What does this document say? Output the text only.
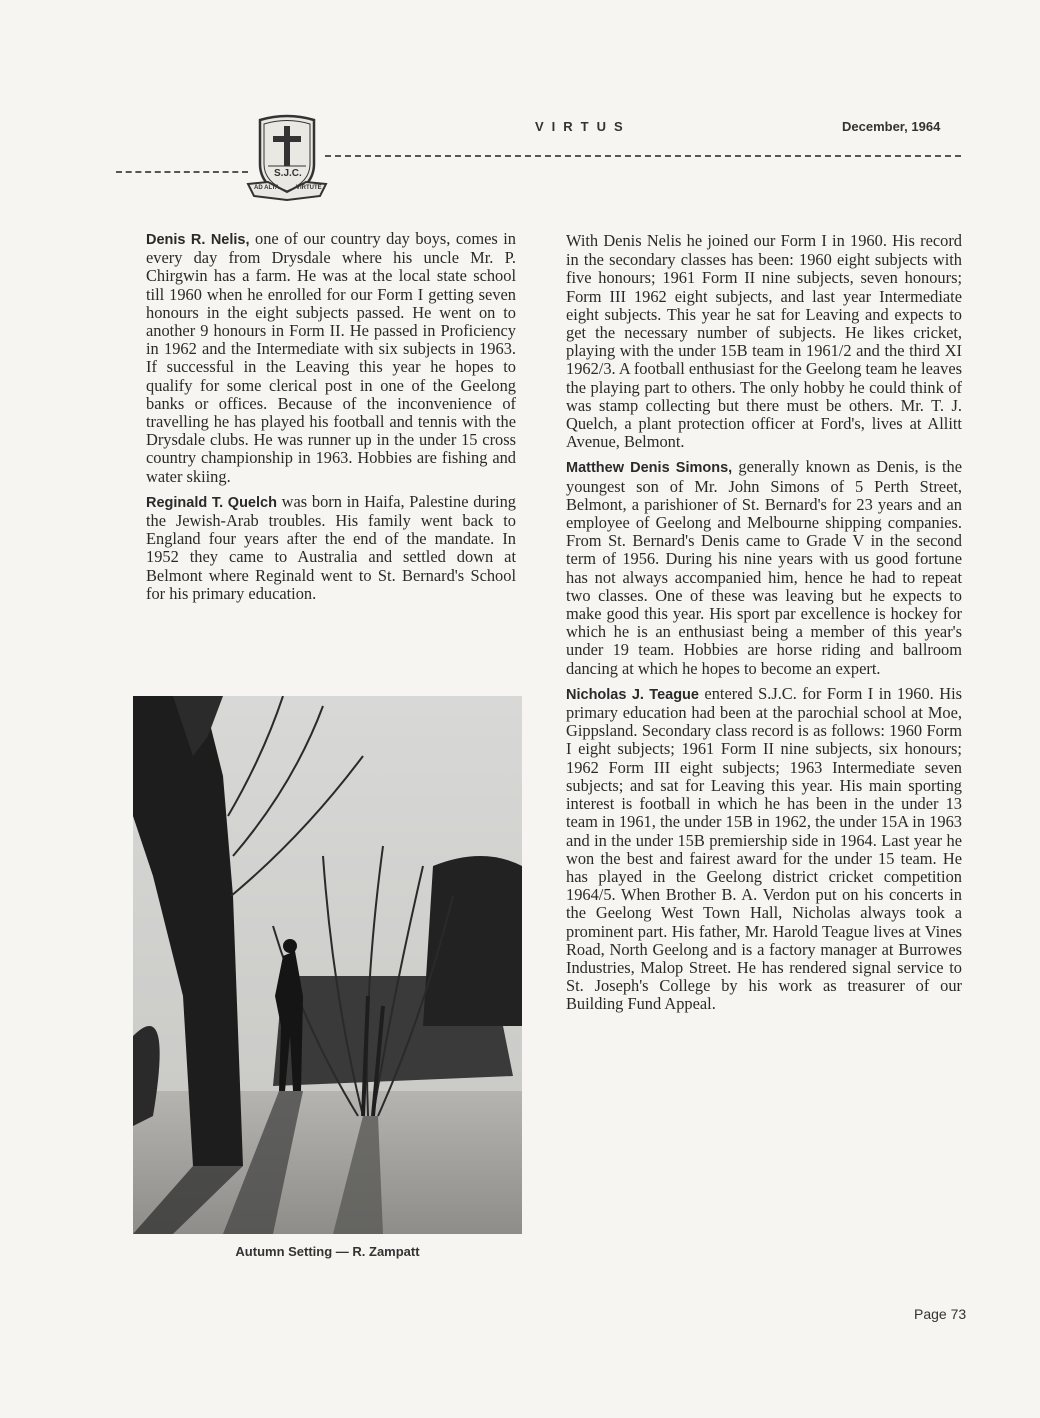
S.J.C.
AD ALTA	VIRTUTE
VIRTUS	December, 1964

Denis R. Nelis, one of our country day boys, comes in every day from Drysdale where his uncle Mr. P. Chirgwin has a farm. He was at the local state school till 1960 when he enrolled for our Form I getting seven honours in the eight subjects passed. He went on to another 9 honours in Form II. He passed in Proficiency in 1962 and the Intermediate with six subjects in 1963. If successful in the Leaving this year he hopes to qualify for some clerical post in one of the Geelong banks or offices. Because of the inconvenience of travelling he has played his football and tennis with the Drysdale clubs. He was runner up in the under 15 cross country championship in 1963. Hobbies are fishing and water skiing.

Reginald T. Quelch was born in Haifa, Palestine during the Jewish-Arab troubles. His family went back to England four years after the end of the mandate. In 1952 they came to Australia and settled down at Belmont where Reginald went to St. Bernard's School for his primary education.

Autumn Setting — R. Zampatt

With Denis Nelis he joined our Form I in 1960. His record in the secondary classes has been: 1960 eight subjects with five honours; 1961 Form II nine subjects, seven honours; Form III 1962 eight subjects, and last year Intermediate eight subjects. This year he sat for Leaving and expects to get the necessary number of subjects. He likes cricket, playing with the under 15B team in 1961/2 and the third XI 1962/3. A football enthusiast for the Geelong team he leaves the playing part to others. The only hobby he could think of was stamp collecting but there must be others. Mr. T. J. Quelch, a plant protection officer at Ford's, lives at Allitt Avenue, Belmont.

Matthew Denis Simons, generally known as Denis, is the youngest son of Mr. John Simons of 5 Perth Street, Belmont, a parishioner of St. Bernard's for 23 years and an employee of Geelong and Melbourne shipping companies. From St. Bernard's Denis came to Grade V in the second term of 1956. During his nine years with us good fortune has not always accompanied him, hence he had to repeat two classes. One of these was leaving but he expects to make good this year. His sport par excellence is hockey for which he is an enthusiast being a member of this year's under 19 team. Hobbies are horse riding and ballroom dancing at which he hopes to become an expert.

Nicholas J. Teague entered S.J.C. for Form I in 1960. His primary education had been at the parochial school at Moe, Gippsland. Secondary class record is as follows: 1960 Form I eight subjects; 1961 Form II nine subjects, six honours; 1962 Form III eight subjects; 1963 Intermediate seven subjects; and sat for Leaving this year. His main sporting interest is football in which he has been in the under 13 team in 1961, the under 15B in 1962, the under 15A in 1963 and in the under 15B premiership side in 1964. Last year he won the best and fairest award for the under 15 team. He has played in the Geelong district cricket competition 1964/5. When Brother B. A. Verdon put on his concerts in the Geelong West Town Hall, Nicholas always took a prominent part. His father, Mr. Harold Teague lives at Vines Road, North Geelong and is a factory manager at Burrowes Industries, Malop Street. He has rendered signal service to St. Joseph's College by his work as treasurer of our Building Fund Appeal.

Page 73
